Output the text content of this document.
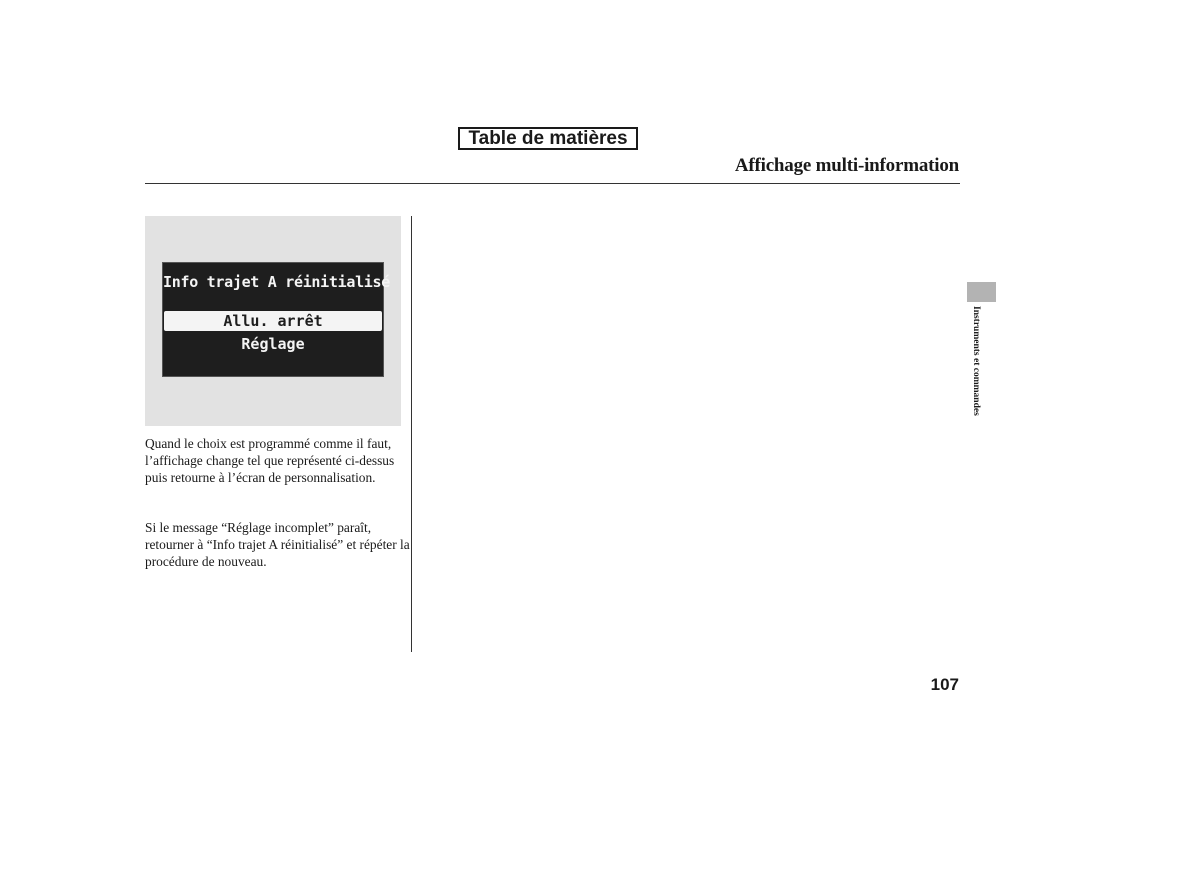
Table de matières
Affichage multi-information
Info trajet A réinitialisé
Allu. arrêt
Réglage

Quand le choix est programmé comme il faut, l’affichage change tel que représenté ci-dessus puis retourne à l’écran de personnalisation.

Si le message “Réglage incomplet” paraît, retourner à “Info trajet A réinitialisé” et répéter la procédure de nouveau.

Instruments et commandes
107
